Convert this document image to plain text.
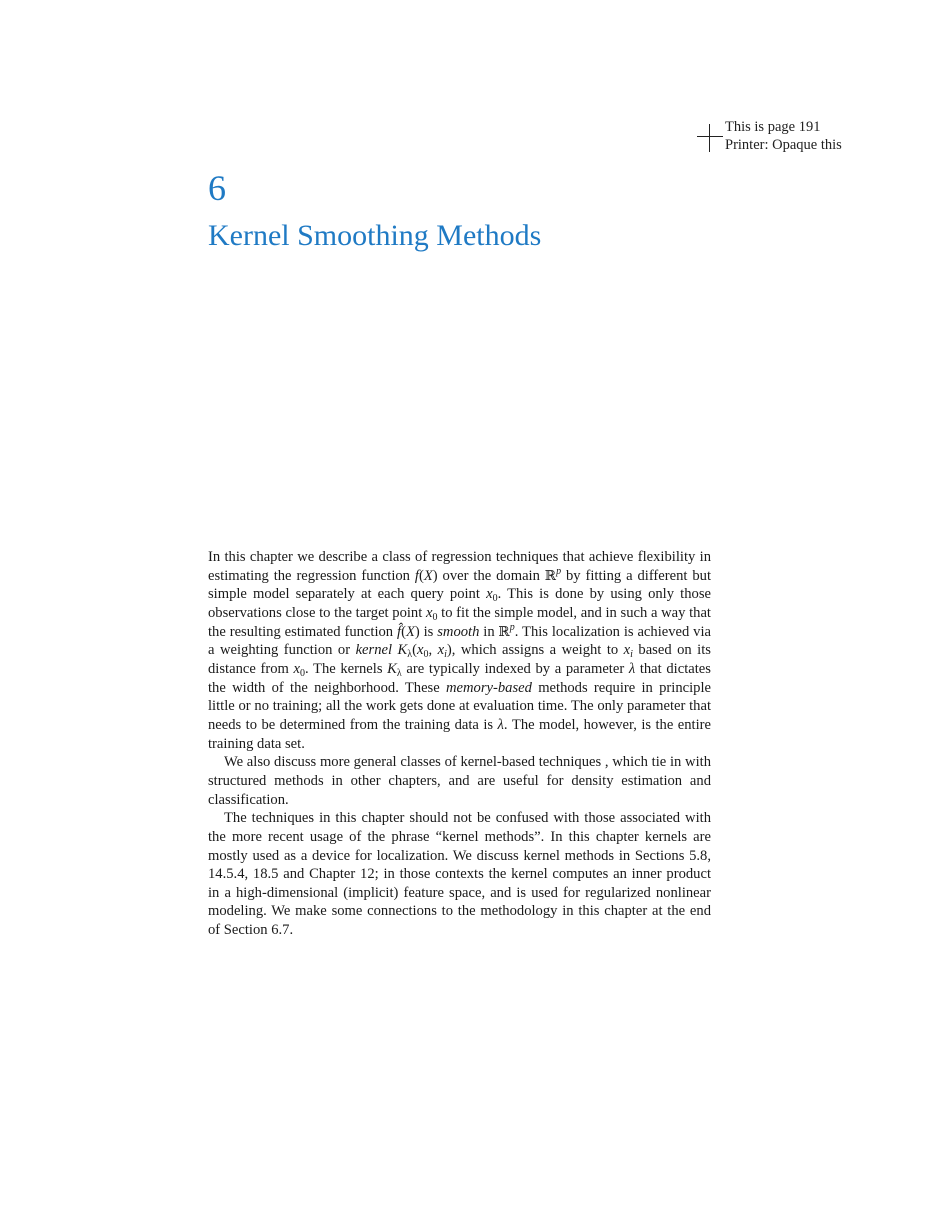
This is page 191
Printer: Opaque this
6
Kernel Smoothing Methods

In this chapter we describe a class of regression techniques that achieve flexibility in estimating the regression function f(X) over the domain ℝ$^p$ by fitting a different but simple model separately at each query point $x_0$. This is done by using only those observations close to the target point $x_0$ to fit the simple model, and in such a way that the resulting estimated function f̂(X) is smooth in ℝ$^p$. This localization is achieved via a weighting function or kernel $K_\lambda(x_0$, $x_i$), which assigns a weight to $x_i$ based on its distance from $x_0$. The kernels $K_\lambda$ are typically indexed by a parameter λ that dictates the width of the neighborhood. These memory-based methods require in principle little or no training; all the work gets done at evaluation time. The only parameter that needs to be determined from the training data is λ. The model, however, is the entire training data set.

We also discuss more general classes of kernel-based techniques , which tie in with structured methods in other chapters, and are useful for density estimation and classification.

The techniques in this chapter should not be confused with those associated with the more recent usage of the phrase “kernel methods”. In this chapter kernels are mostly used as a device for localization. We discuss kernel methods in Sections 5.8, 14.5.4, 18.5 and Chapter 12; in those contexts the kernel computes an inner product in a high-dimensional (implicit) feature space, and is used for regularized nonlinear modeling. We make some connections to the methodology in this chapter at the end of Section 6.7.
